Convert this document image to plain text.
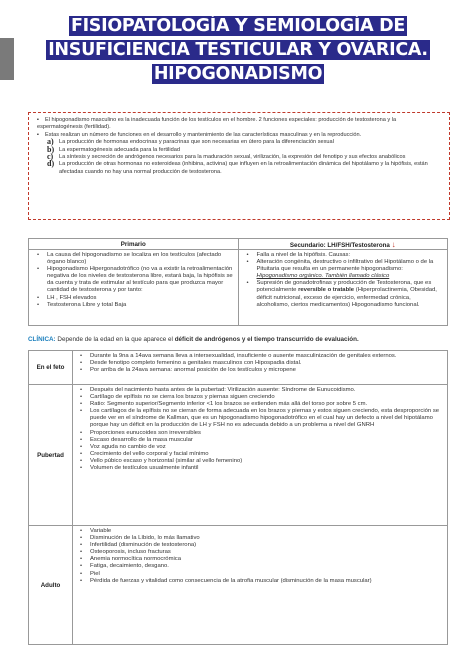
FISIOPATOLOGÍA Y SEMIOLOGÍA DE
INSUFICIENCIA TESTICULAR Y OVÁRICA.
HIPOGONADISMO
▪ El hipogonadismo masculino es la inadecuada función de los testículos en el hombre. 2 funciones especiales: producción de testosterona y la espermatogénesis (fertilidad).
▪ Estas realizan un número de funciones en el desarrollo y mantenimiento de las características masculinas y en la reproducción.
a) La producción de hormonas endocrinas y paracrinas que son necesarias en útero para la diferenciación sexual
b) La espermatogénesis adecuada para la fertilidad
c) La síntesis y secreción de andrógenos necesarios para la maduración sexual, virilización, la expresión del fenotipo y sus efectos anabólicos
d) La producción de otras hormonas no esteroideas (inhibina, activina) que influyen en la retroalimentación dinámica del hipotálamo y la hipófisis, están afectadas cuando no hay una normal producción de testosterona.
Primario	Secundario: LH/FSH/Testosterona ↓
• La causa del hipogonadismo se localiza en los testículos (afectado órgano blanco)
• Hipogonadismo Hipergonadotrófico (no va a existir la retroalimentación negativa de los niveles de testosterona libre, estará baja, la hipófisis se da cuenta y trata de estimular al testículo para que produzca mayor cantidad de testosterona y por tanto:
• LH , FSH elevados
• Testosterona Libre y total Baja
• Falla a nivel de la hipófisis. Causas:
• Alteración congénita, destructivo o infiltrativo del Hipotálamo o de la Pituitaria que resulta en un permanente hipogonadismo: Hipogonadismo orgánico. También llamado clásico
• Supresión de gonadotrofinas y producción de Testosterona, que es potencialmente reversible o tratable (Hiperprolactinemia, Obesidad, déficit nutricional, exceso de ejercicio, enfermedad crónica, alcoholismo, ciertos medicamentos) Hipogonadismo funcional.
CLÍNICA: Depende de la edad en la que aparece el déficit de andrógenos y el tiempo transcurrido de evaluación.
En el feto
• Durante la 9na a 14ava semana lleva a intersexualidad, insuficiente o ausente masculinización de genitales externos.
• Desde fenotipo completo femenino a genitales masculinos con Hipospadia distal.
• Por arriba de la 24ava semana: anormal posición de los testículos y micropene
Pubertad
• Después del nacimiento hasta antes de la pubertad: Virilización ausente: Síndrome de Eunucoidismo.
• Cartílago de epífisis no se cierra los brazos y piernas siguen creciendo
• Ratio: Segmento superior/Segmento inferior <1 los brazos se extienden más allá del torso por sobre 5 cm.
• Los cartílagos de la epífisis no se cierran de forma adecuada en los brazos y piernas y estos siguen creciendo, esta desproporción se puede ver en el síndrome de Kallman, que es un hipogonadismo hipogonadotrófico en el cual hay un defecto a nivel del hipotálamo porque hay un déficit en la producción de LH y FSH no es adecuada debido a un problema a nivel del GNRH
• Proporciones eunucoides son irreversibles
• Escaso desarrollo de la masa muscular
• Voz aguda no cambio de voz
• Crecimiento del vello corporal y facial mínimo
• Vello púbico escaso y horizontal (similar al vello femenino)
• Volumen de testículos usualmente infantil
Adulto
• Variable
• Disminución de la Líbido, lo más llamativo
• Infertilidad (disminución de testosterona)
• Osteoporosis, incluso fracturas
• Anemia normocítica normocrómica
• Fatiga, decaimiento, desgano.
• Piel
• Pérdida de fuerzas y vitalidad como consecuencia de la atrofia muscular (disminución de la masa muscular)
